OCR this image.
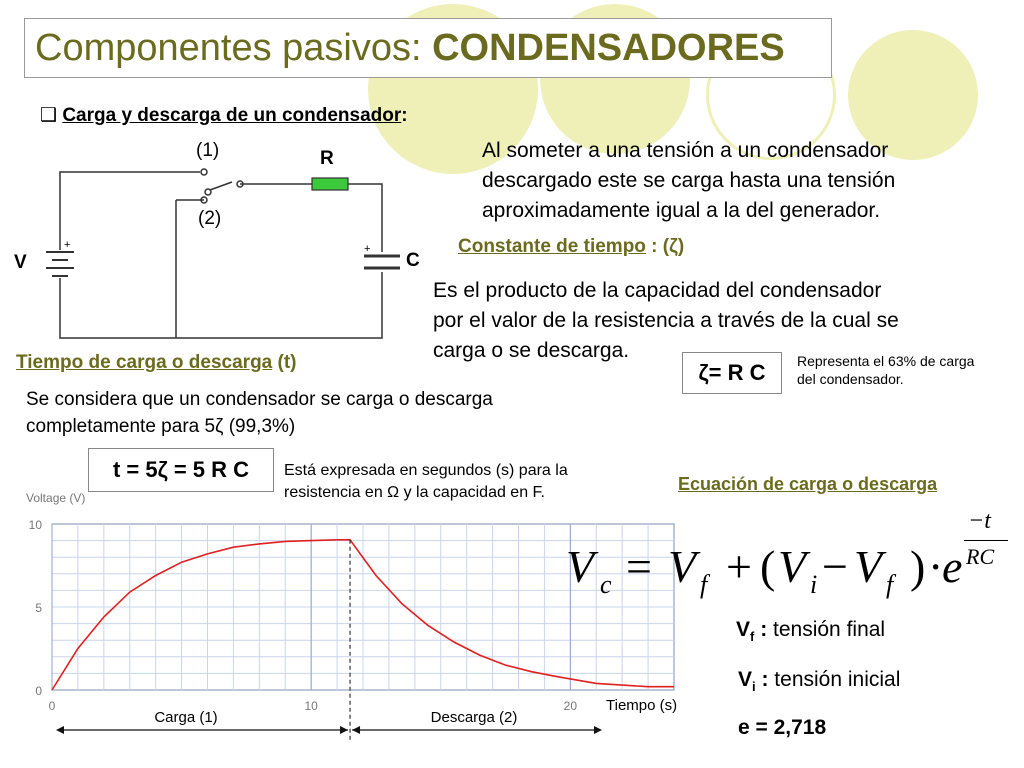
Componentes pasivos: CONDENSADORES
❑ Carga y descarga de un condensador:
+	+
(1)
(2)
R
V	C
Al someter a una tensión a un condensador
descargado este se carga hasta una tensión
aproximadamente igual a la del generador.
Constante de tiempo : (ζ)
Es el producto de la capacidad del condensador
por el valor de la resistencia a través de la cual se
carga o se descarga.
ζ= R C	Representa el 63% de carga
del condensador.
Tiempo de carga o descarga (t)
Se considera que un condensador se carga o descarga
completamente para 5ζ (99,3%)
t = 5ζ = 5 R C	Está expresada en segundos (s) para la
resistencia en Ω y la capacidad en F.
Voltage (V)
0
5
10
0	10	20 Tiempo (s)
Carga (1)	Descarga (2)
Ecuación de carga o descarga
V c = V f + ( V i − V f ) ·
e
−t
RC
$V_f$ : tensión final
$V_i$ : tensión inicial
e = 2,718
